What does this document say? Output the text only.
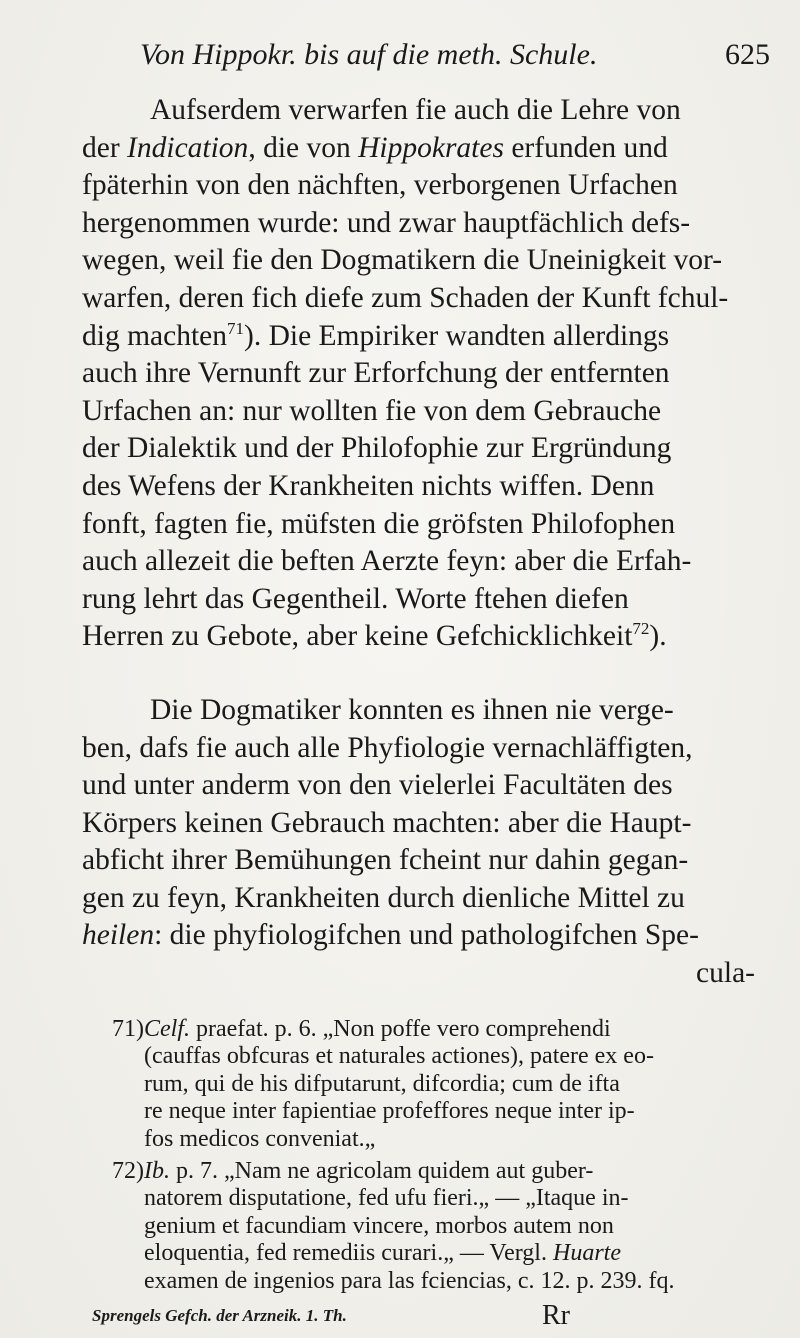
Von Hippokr. bis auf die meth. Schule.	625
Aufserdem verwarfen fie auch die Lehre von
der Indication, die von Hippokrates erfunden und
fpäterhin von den nächften, verborgenen Urfachen
hergenommen wurde: und zwar hauptfächlich defs-
wegen, weil fie den Dogmatikern die Uneinigkeit vor-
warfen, deren fich diefe zum Schaden der Kunft fchul-
dig machten$^{71}$). Die Empiriker wandten allerdings
auch ihre Vernunft zur Erforfchung der entfernten
Urfachen an: nur wollten fie von dem Gebrauche
der Dialektik und der Philofophie zur Ergründung
des Wefens der Krankheiten nichts wiffen. Denn
fonft, fagten fie, müfsten die gröfsten Philofophen
auch allezeit die beften Aerzte feyn: aber die Erfah-
rung lehrt das Gegentheil. Worte ftehen diefen
Herren zu Gebote, aber keine Gefchicklichkeit$^{72}$).
Die Dogmatiker konnten es ihnen nie verge-
ben, dafs fie auch alle Phyfiologie vernachläffigten,
und unter anderm von den vielerlei Facultäten des
Körpers keinen Gebrauch machten: aber die Haupt-
abficht ihrer Bemühungen fcheint nur dahin gegan-
gen zu feyn, Krankheiten durch dienliche Mittel zu
heilen: die phyfiologifchen und pathologifchen Spe-
cula-
71) Celf. praefat. p. 6. „Non poffe vero comprehendi
(cauffas obfcuras et naturales actiones), patere ex eo-
rum, qui de his difputarunt, difcordia; cum de ifta
re neque inter fapientiae profeffores neque inter ip-
fos medicos conveniat.„
72) Ib. p. 7. „Nam ne agricolam quidem aut guber-
natorem disputatione, fed ufu fieri.„ — „Itaque in-
genium et facundiam vincere, morbos autem non
eloquentia, fed remediis curari.„ — Vergl. Huarte
examen de ingenios para las fciencias, c. 12. p. 239. fq.
Sprengels Gefch. der Arzneik. 1. Th.	Rr
